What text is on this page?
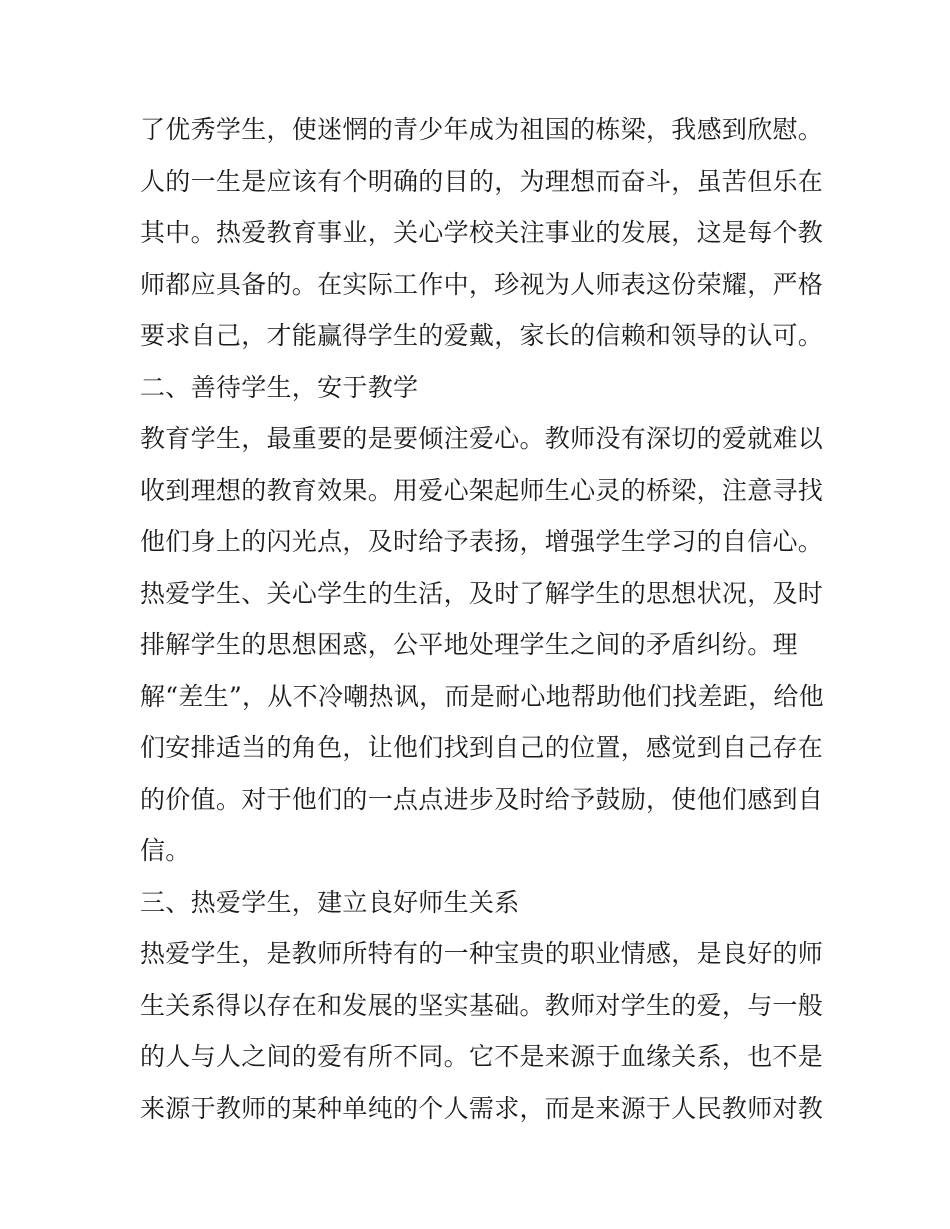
了优秀学生，使迷惘的青少年成为祖国的栋梁，我感到欣慰。
人的一生是应该有个明确的目的，为理想而奋斗，虽苦但乐在
其中。热爱教育事业，关心学校关注事业的发展，这是每个教
师都应具备的。在实际工作中，珍视为人师表这份荣耀，严格
要求自己，才能赢得学生的爱戴，家长的信赖和领导的认可。
二、善待学生，安于教学
教育学生，最重要的是要倾注爱心。教师没有深切的爱就难以
收到理想的教育效果。用爱心架起师生心灵的桥梁，注意寻找
他们身上的闪光点，及时给予表扬，增强学生学习的自信心。
热爱学生、关心学生的生活，及时了解学生的思想状况，及时
排解学生的思想困惑，公平地处理学生之间的矛盾纠纷。理
解“差生”，从不冷嘲热讽，而是耐心地帮助他们找差距，给他
们安排适当的角色，让他们找到自己的位置，感觉到自己存在
的价值。对于他们的一点点进步及时给予鼓励，使他们感到自
信。
三、热爱学生，建立良好师生关系
热爱学生，是教师所特有的一种宝贵的职业情感，是良好的师
生关系得以存在和发展的坚实基础。教师对学生的爱，与一般
的人与人之间的爱有所不同。它不是来源于血缘关系，也不是
来源于教师的某种单纯的个人需求，而是来源于人民教师对教
